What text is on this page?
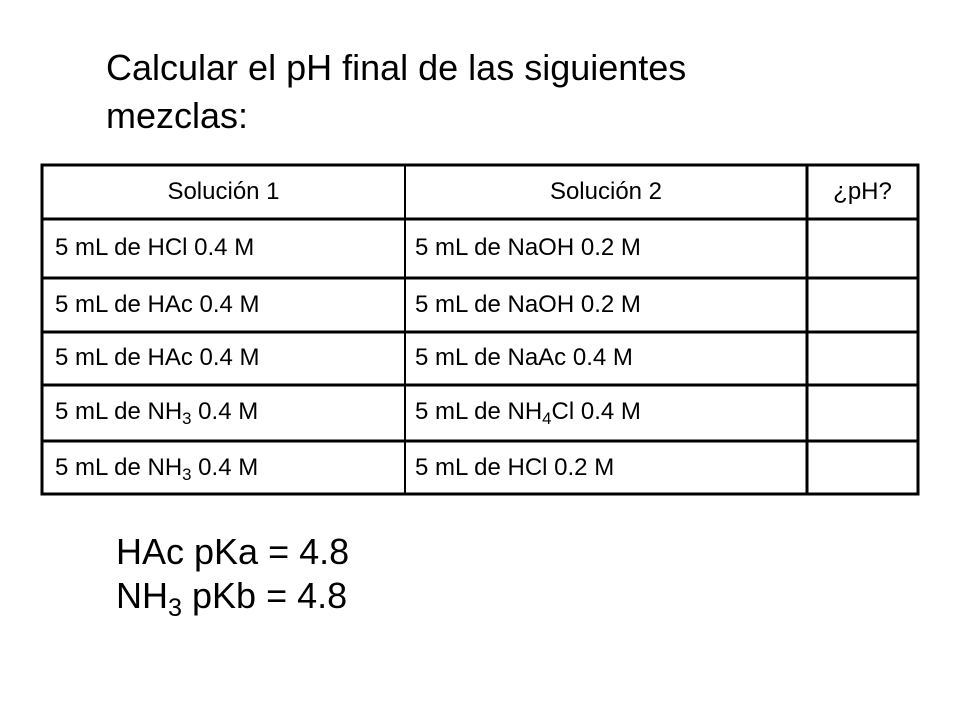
Calcular el pH final de las siguientes
mezclas:
Solución 1	Solución 2	¿pH?
5 mL de HCl 0.4 M	5 mL de NaOH 0.2 M
5 mL de HAc 0.4 M	5 mL de NaOH 0.2 M
5 mL de HAc 0.4 M	5 mL de NaAc 0.4 M
5 mL de $NH_3$ 0.4 M	5 mL de $NH_4Cl$ 0.4 M
5 mL de $NH_3$ 0.4 M	5 mL de HCl 0.2 M
HAc pKa = 4.8
$NH_3$ pKb = 4.8
